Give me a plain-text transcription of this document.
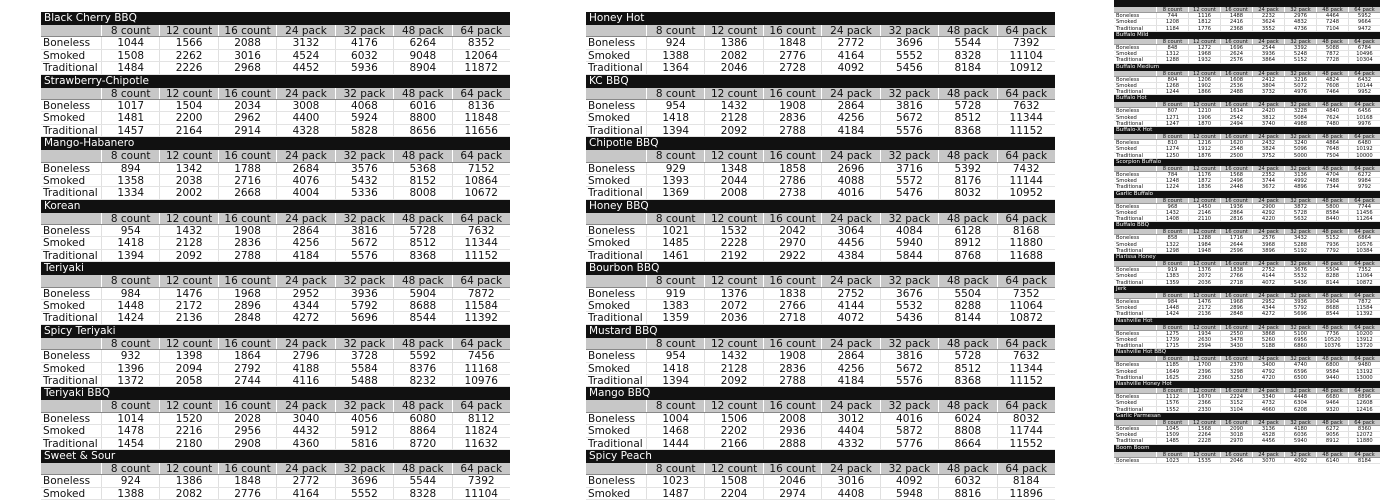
Black Cherry BBQ
8 count	12 count	16 count	24 pack	32 pack	48 pack	64 pack
Boneless	1044	1566	2088	3132	4176	6264	8352
Smoked	1508	2262	3016	4524	6032	9048	12064
Traditional	1484	2226	2968	4452	5936	8904	11872
Strawberry-Chipotle
8 count	12 count	16 count	24 pack	32 pack	48 pack	64 pack
Boneless	1017	1504	2034	3008	4068	6016	8136
Smoked	1481	2200	2962	4400	5924	8800	11848
Traditional	1457	2164	2914	4328	5828	8656	11656
Mango-Habanero
8 count	12 count	16 count	24 pack	32 pack	48 pack	64 pack
Boneless	894	1342	1788	2684	3576	5368	7152
Smoked	1358	2038	2716	4076	5432	8152	10864
Traditional	1334	2002	2668	4004	5336	8008	10672
Korean
8 count	12 count	16 count	24 pack	32 pack	48 pack	64 pack
Boneless	954	1432	1908	2864	3816	5728	7632
Smoked	1418	2128	2836	4256	5672	8512	11344
Traditional	1394	2092	2788	4184	5576	8368	11152
Teriyaki
8 count	12 count	16 count	24 pack	32 pack	48 pack	64 pack
Boneless	984	1476	1968	2952	3936	5904	7872
Smoked	1448	2172	2896	4344	5792	8688	11584
Traditional	1424	2136	2848	4272	5696	8544	11392
Spicy Teriyaki
8 count	12 count	16 count	24 pack	32 pack	48 pack	64 pack
Boneless	932	1398	1864	2796	3728	5592	7456
Smoked	1396	2094	2792	4188	5584	8376	11168
Traditional	1372	2058	2744	4116	5488	8232	10976
Teriyaki BBQ
8 count	12 count	16 count	24 pack	32 pack	48 pack	64 pack
Boneless	1014	1520	2028	3040	4056	6080	8112
Smoked	1478	2216	2956	4432	5912	8864	11824
Traditional	1454	2180	2908	4360	5816	8720	11632
Sweet & Sour
8 count	12 count	16 count	24 pack	32 pack	48 pack	64 pack
Boneless	924	1386	1848	2772	3696	5544	7392
Smoked	1388	2082	2776	4164	5552	8328	11104
Honey Hot
8 count	12 count	16 count	24 pack	32 pack	48 pack	64 pack
Boneless	924	1386	1848	2772	3696	5544	7392
Smoked	1388	2082	2776	4164	5552	8328	11104
Traditional	1364	2046	2728	4092	5456	8184	10912
KC BBQ
8 count	12 count	16 count	24 pack	32 pack	48 pack	64 pack
Boneless	954	1432	1908	2864	3816	5728	7632
Smoked	1418	2128	2836	4256	5672	8512	11344
Traditional	1394	2092	2788	4184	5576	8368	11152
Chipotle BBQ
8 count	12 count	16 count	24 pack	32 pack	48 pack	64 pack
Boneless	929	1348	1858	2696	3716	5392	7432
Smoked	1393	2044	2786	4088	5572	8176	11144
Traditional	1369	2008	2738	4016	5476	8032	10952
Honey BBQ
8 count	12 count	16 count	24 pack	32 pack	48 pack	64 pack
Boneless	1021	1532	2042	3064	4084	6128	8168
Smoked	1485	2228	2970	4456	5940	8912	11880
Traditional	1461	2192	2922	4384	5844	8768	11688
Bourbon BBQ
8 count	12 count	16 count	24 pack	32 pack	48 pack	64 pack
Boneless	919	1376	1838	2752	3676	5504	7352
Smoked	1383	2072	2766	4144	5532	8288	11064
Traditional	1359	2036	2718	4072	5436	8144	10872
Mustard BBQ
8 count	12 count	16 count	24 pack	32 pack	48 pack	64 pack
Boneless	954	1432	1908	2864	3816	5728	7632
Smoked	1418	2128	2836	4256	5672	8512	11344
Traditional	1394	2092	2788	4184	5576	8368	11152
Mango BBQ
8 count	12 count	16 count	24 pack	32 pack	48 pack	64 pack
Boneless	1004	1506	2008	3012	4016	6024	8032
Smoked	1468	2202	2936	4404	5872	8808	11744
Traditional	1444	2166	2888	4332	5776	8664	11552
Spicy Peach
8 count	12 count	16 count	24 pack	32 pack	48 pack	64 pack
Boneless	1023	1508	2046	3016	4092	6032	8184
Smoked	1487	2204	2974	4408	5948	8816	11896
8 count	12 count	16 count	24 pack	32 pack	48 pack	64 pack
Boneless	744	1116	1488	2232	2976	4464	5952
Smoked	1208	1812	2416	3624	4832	7248	9664
Traditional	1184	1776	2368	3552	4736	7104	9472
Buffalo Mild
8 count	12 count	16 count	24 pack	32 pack	48 pack	64 pack
Boneless	848	1272	1696	2544	3392	5088	6784
Smoked	1312	1968	2624	3936	5248	7872	10496
Traditional	1288	1932	2576	3864	5152	7728	10304
Buffalo Medium
8 count	12 count	16 count	24 pack	32 pack	48 pack	64 pack
Boneless	804	1206	1608	2412	3216	4824	6432
Smoked	1268	1902	2536	3804	5072	7608	10144
Traditional	1244	1866	2488	3732	4976	7464	9952
Buffalo Hot
8 count	12 count	16 count	24 pack	32 pack	48 pack	64 pack
Boneless	807	1210	1614	2420	3228	4840	6456
Smoked	1271	1906	2542	3812	5084	7624	10168
Traditional	1247	1870	2494	3740	4988	7480	9976
Buffalo-X Hot
8 count	12 count	16 count	24 pack	32 pack	48 pack	64 pack
Boneless	810	1216	1620	2432	3240	4864	6480
Smoked	1274	1912	2548	3824	5096	7648	10192
Traditional	1250	1876	2500	3752	5000	7504	10000
Scorpion Buffalo
8 count	12 count	16 count	24 pack	32 pack	48 pack	64 pack
Boneless	784	1176	1568	2352	3136	4704	6272
Smoked	1248	1872	2496	3744	4992	7488	9984
Traditional	1224	1836	2448	3672	4896	7344	9792
Garlic Buffalo
8 count	12 count	16 count	24 pack	32 pack	48 pack	64 pack
Boneless	968	1450	1936	2900	3872	5800	7744
Smoked	1432	2146	2864	4292	5728	8584	11456
Traditional	1408	2110	2816	4220	5632	8440	11264
Buffalo BBQ
8 count	12 count	16 count	24 pack	32 pack	48 pack	64 pack
Boneless	858	1288	1716	2576	3432	5152	6864
Smoked	1322	1984	2644	3968	5288	7936	10576
Traditional	1298	1948	2596	3896	5192	7792	10384
Harissa Honey
8 count	12 count	16 count	24 pack	32 pack	48 pack	64 pack
Boneless	919	1376	1838	2752	3676	5504	7352
Smoked	1383	2072	2766	4144	5532	8288	11064
Traditional	1359	2036	2718	4072	5436	8144	10872
Jerk
8 count	12 count	16 count	24 pack	32 pack	48 pack	64 pack
Boneless	984	1476	1968	2952	3936	5904	7872
Smoked	1448	2172	2896	4344	5792	8688	11584
Traditional	1424	2136	2848	4272	5696	8544	11392
Nashville Hot
8 count	12 count	16 count	24 pack	32 pack	48 pack	64 pack
Boneless	1275	1934	2550	3868	5100	7736	10200
Smoked	1739	2630	3478	5260	6956	10520	13912
Traditional	1715	2594	3430	5188	6860	10376	13720
Nashville Hot BBQ
8 count	12 count	16 count	24 pack	32 pack	48 pack	64 pack
Boneless	1185	1700	2370	3400	4740	6800	9480
Smoked	1649	2396	3298	4792	6596	9584	13192
Traditional	1625	2360	3250	4720	6500	9440	13000
Nashville Honey Hot
8 count	12 count	16 count	24 pack	32 pack	48 pack	64 pack
Boneless	1112	1670	2224	3340	4448	6680	8896
Smoked	1576	2366	3152	4732	6304	9464	12608
Traditional	1552	2330	3104	4660	6208	9320	12416
Garlic Parmesan
8 count	12 count	16 count	24 pack	32 pack	48 pack	64 pack
Boneless	1045	1568	2090	3136	4180	6272	8360
Smoked	1509	2264	3018	4528	6036	9056	12072
Traditional	1485	2228	2970	4456	5940	8912	11880
Boom Boom
8 count	12 count	16 count	24 pack	32 pack	48 pack	64 pack
Boneless	1023	1535	2046	3070	4092	6140	8184
